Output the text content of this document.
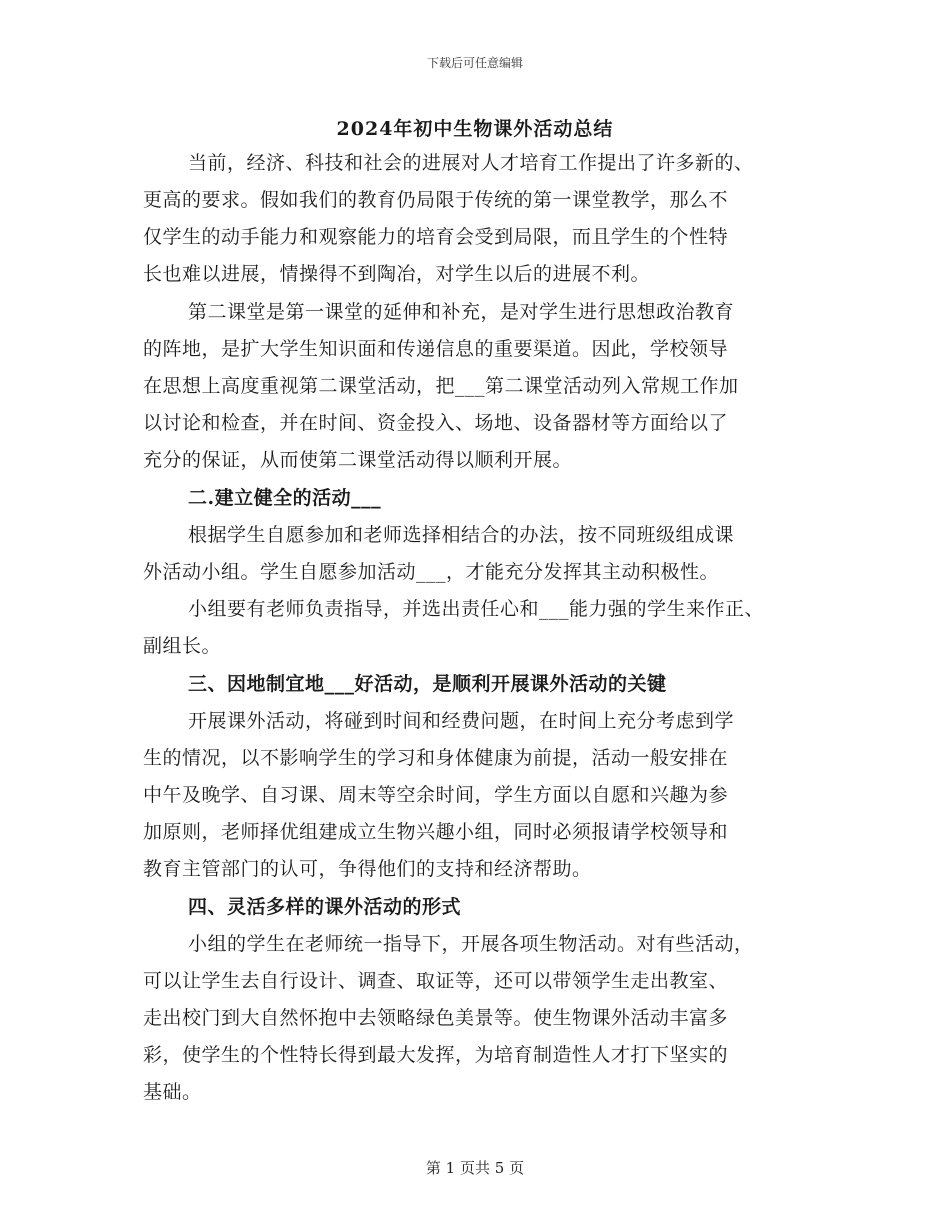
下载后可任意编辑
2024年初中生物课外活动总结
当前，经济、科技和社会的进展对人才培育工作提出了许多新的、
更高的要求。假如我们的教育仍局限于传统的第一课堂教学，那么不
仅学生的动手能力和观察能力的培育会受到局限，而且学生的个性特
长也难以进展，情操得不到陶冶，对学生以后的进展不利。
第二课堂是第一课堂的延伸和补充，是对学生进行思想政治教育
的阵地，是扩大学生知识面和传递信息的重要渠道。因此，学校领导
在思想上高度重视第二课堂活动，把___第二课堂活动列入常规工作加
以讨论和检查，并在时间、资金投入、场地、设备器材等方面给以了
充分的保证，从而使第二课堂活动得以顺利开展。
二.建立健全的活动___
根据学生自愿参加和老师选择相结合的办法，按不同班级组成课
外活动小组。学生自愿参加活动___，才能充分发挥其主动积极性。
小组要有老师负责指导，并选出责任心和___能力强的学生来作正、
副组长。
三、因地制宜地___好活动，是顺利开展课外活动的关键
开展课外活动，将碰到时间和经费问题，在时间上充分考虑到学
生的情况，以不影响学生的学习和身体健康为前提，活动一般安排在
中午及晚学、自习课、周末等空余时间，学生方面以自愿和兴趣为参
加原则，老师择优组建成立生物兴趣小组，同时必须报请学校领导和
教育主管部门的认可，争得他们的支持和经济帮助。
四、灵活多样的课外活动的形式
小组的学生在老师统一指导下，开展各项生物活动。对有些活动，
可以让学生去自行设计、调查、取证等，还可以带领学生走出教室、
走出校门到大自然怀抱中去领略绿色美景等。使生物课外活动丰富多
彩，使学生的个性特长得到最大发挥，为培育制造性人才打下坚实的
基础。
第 1 页共 5 页
